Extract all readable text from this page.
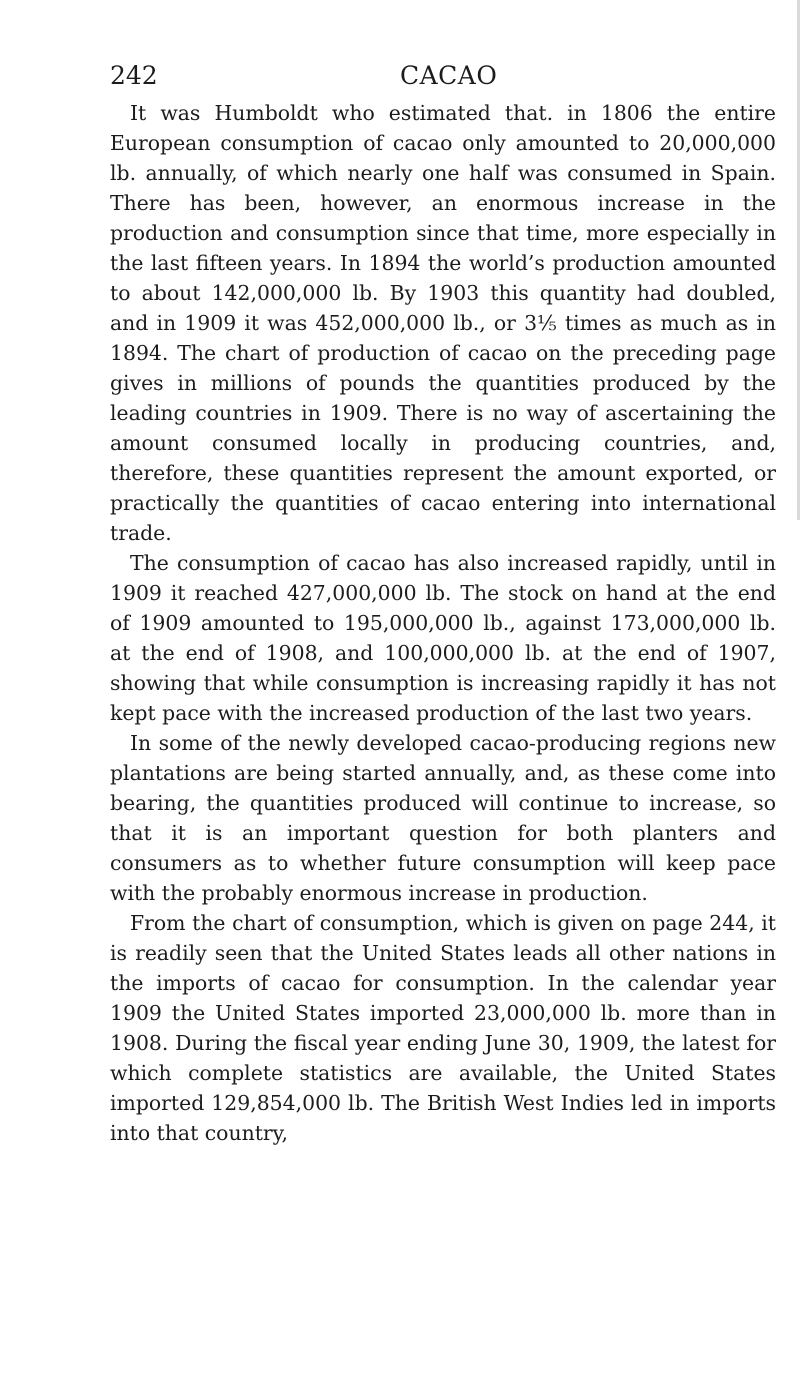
242	CACAO

It was Humboldt who estimated that. in 1806 the entire European consumption of cacao only amounted to 20,000,000 lb. annually, of which nearly one half was consumed in Spain. There has been, however, an enormous increase in the production and consumption since that time, more especially in the last fifteen years. In 1894 the world’s production amounted to about 142,000,000 lb. By 1903 this quantity had doubled, and in 1909 it was 452,000,000 lb., or 3⅕ times as much as in 1894. The chart of production of cacao on the preceding page gives in millions of pounds the quantities produced by the leading countries in 1909. There is no way of ascertaining the amount consumed locally in producing countries, and, therefore, these quantities represent the amount exported, or practically the quantities of cacao entering into international trade.

The consumption of cacao has also increased rapidly, until in 1909 it reached 427,000,000 lb. The stock on hand at the end of 1909 amounted to 195,000,000 lb., against 173,000,000 lb. at the end of 1908, and 100,000,000 lb. at the end of 1907, showing that while consumption is increasing rapidly it has not kept pace with the increased production of the last two years.

In some of the newly developed cacao-producing regions new plantations are being started annually, and, as these come into bearing, the quantities produced will continue to increase, so that it is an important question for both planters and consumers as to whether future consumption will keep pace with the probably enormous increase in production.

From the chart of consumption, which is given on page 244, it is readily seen that the United States leads all other nations in the imports of cacao for consumption. In the calendar year 1909 the United States imported 23,000,000 lb. more than in 1908. During the fiscal year ending June 30, 1909, the latest for which complete statistics are available, the United States imported 129,854,000 lb. The British West Indies led in imports into that country,
